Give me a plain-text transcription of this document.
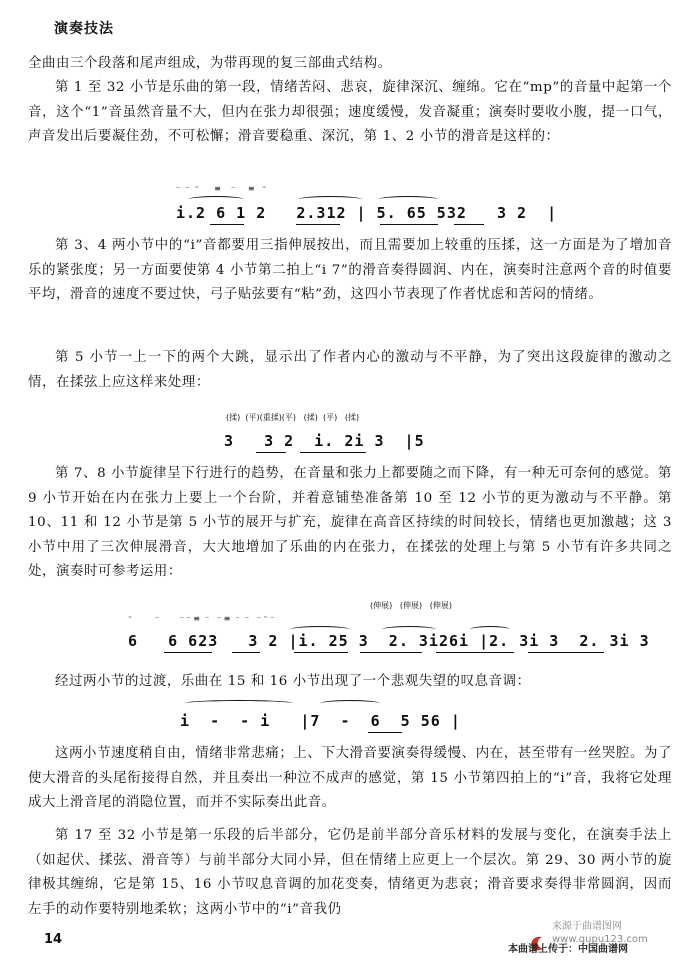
演奏技法

全曲由三个段落和尾声组成，为带再现的复三部曲式结构。

第 1 至 32 小节是乐曲的第一段，情绪苦闷、悲哀，旋律深沉、缠绵。它在“mp”的音量中起第一个音，这个“1”音虽然音量不大，但内在张力却很强；速度缓慢，发音凝重；演奏时要收小腹，提一口气，声音发出后要凝住劲，不可松懈；滑音要稳重、深沉，第 1、2 小节的滑音是这样的：

⁻  ⁻  ⁼      ≡    ⁻     ≡   ⁼
i.2 6 1 2   2.312 | 5. 65 532   3 2  |

第 3、4 两小节中的“i”音都要用三指伸展按出，而且需要加上较重的压揉，这一方面是为了增加音乐的紧张度；另一方面要使第 4 小节第二拍上“i 7”的滑音奏得圆润、内在，演奏时注意两个音的时值要平均，滑音的速度不要过快，弓子贴弦要有“粘”劲，这四小节表现了作者忧虑和苦闷的情绪。

第 5 小节一上一下的两个大跳，显示出了作者内心的激动与不平静，为了突出这段旋律的激动之情，在揉弦上应这样来处理：

(揉)  (平)(重揉)(平)   (揉)  (平)   (揉)
3   3 2  i. 2i 3  |5

第 7、8 小节旋律呈下行进行的趋势，在音量和张力上都要随之而下降，有一种无可奈何的感觉。第 9 小节开始在内在张力上要上一个台阶，并着意铺垫准备第 10 至 12 小节的更为激动与不平静。第 10、11 和 12 小节是第 5 小节的展开与扩充，旋律在高音区持续的时间较长，情绪也更加激越；这 3 小节中用了三次伸展滑音，大大地增加了乐曲的内在张力，在揉弦的处理上与第 5 小节有许多共同之处，演奏时可参考运用：

(伸展)   (伸展)   (伸展)
⁼         ⁻        ⁻ ⁻ ≡  ⁻   ⁻ ≡  ⁻  ⁻   ⁻ ⁼ ⁻
6   6 623   3 2 |i. 25 3  2. 3i26i |2. 3i 3  2. 3i 3

经过两小节的过渡，乐曲在 15 和 16 小节出现了一个悲观失望的叹息音调：

i  -  - i   |7  -  6  5 56 |

这两小节速度稍自由，情绪非常悲痛；上、下大滑音要演奏得缓慢、内在，甚至带有一丝哭腔。为了使大滑音的头尾衔接得自然，并且奏出一种泣不成声的感觉，第 15 小节第四拍上的“i”音，我将它处理成大上滑音尾的消隐位置，而并不实际奏出此音。

第 17 至 32 小节是第一乐段的后半部分，它仍是前半部分音乐材料的发展与变化，在演奏手法上（如起伏、揉弦、滑音等）与前半部分大同小异，但在情绪上应更上一个层次。第 29、30 两小节的旋律极其缠绵，它是第 15、16 小节叹息音调的加花变奏，情绪更为悲哀；滑音要求奏得非常圆润，因而左手的动作要特别地柔软；这两小节中的“i”音我仍

14
来源于曲谱图网
www.qupu123.com
本曲谱上传于：中国曲谱网
